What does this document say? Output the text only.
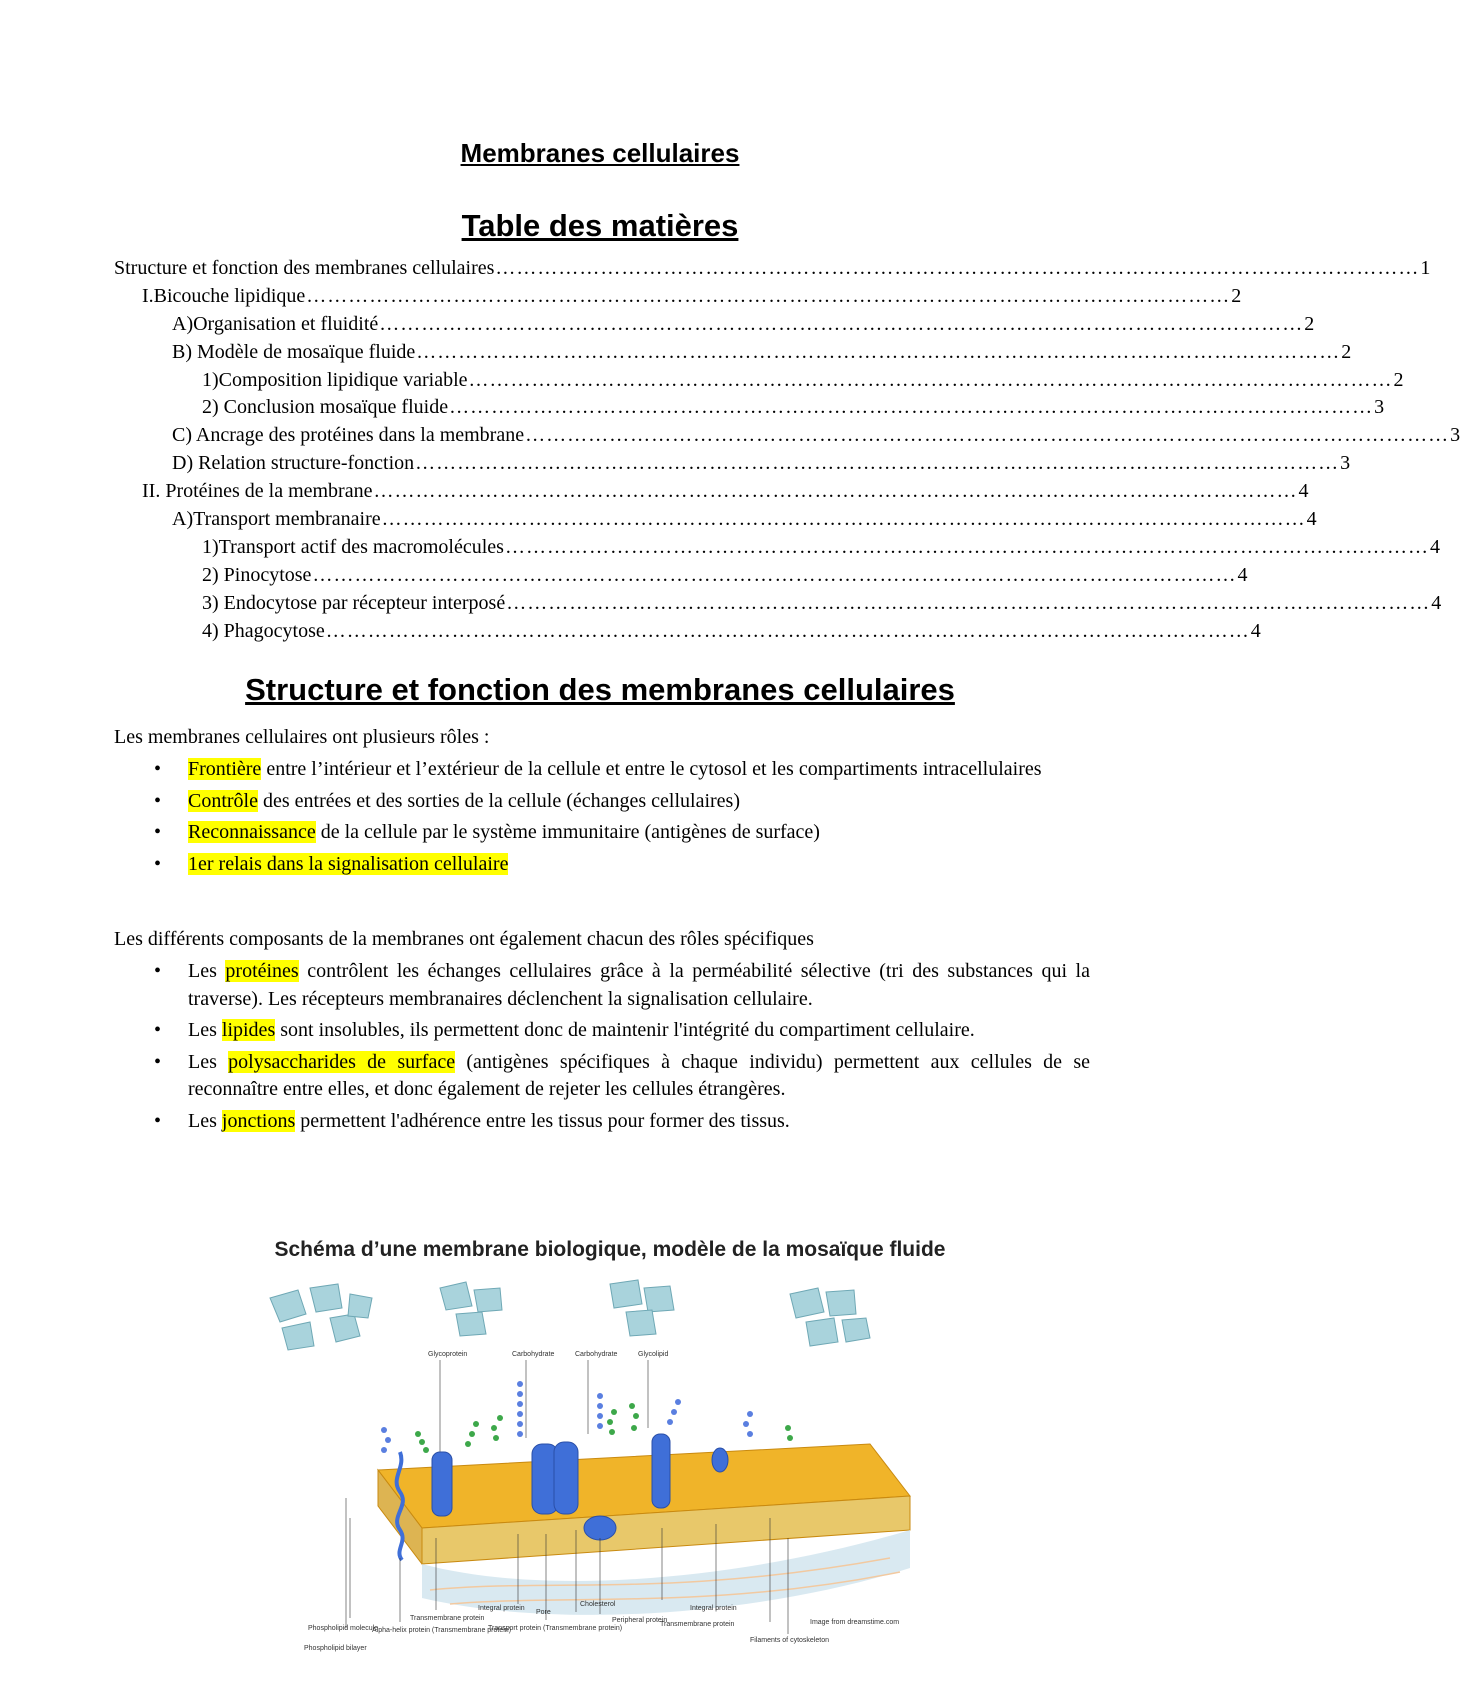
Membranes cellulaires
Table des matières
Structure et fonction des membranes cellulaires …………………………………………………………………………………………………………………… 1
I.Bicouche lipidique …………………………………………………………………………………………………………………… 2
A)Organisation et fluidité …………………………………………………………………………………………………………………… 2
B) Modèle de mosaïque fluide …………………………………………………………………………………………………………………… 2
1)Composition lipidique variable …………………………………………………………………………………………………………………… 2
2) Conclusion mosaïque fluide …………………………………………………………………………………………………………………… 3
C) Ancrage des protéines dans la membrane …………………………………………………………………………………………………………………… 3
D) Relation structure-fonction …………………………………………………………………………………………………………………… 3
II. Protéines de la membrane …………………………………………………………………………………………………………………… 4
A)Transport membranaire …………………………………………………………………………………………………………………… 4
1)Transport actif des macromolécules …………………………………………………………………………………………………………………… 4
2) Pinocytose …………………………………………………………………………………………………………………… 4
3) Endocytose par récepteur interposé …………………………………………………………………………………………………………………… 4
4) Phagocytose …………………………………………………………………………………………………………………… 4
Structure et fonction des membranes cellulaires
Les membranes cellulaires ont plusieurs rôles :
• Frontière entre l’intérieur et l’extérieur de la cellule et entre le cytosol et les compartiments intracellulaires
• Contrôle des entrées et des sorties de la cellule (échanges cellulaires)
• Reconnaissance de la cellule par le système immunitaire (antigènes de surface)
• 1er relais dans la signalisation cellulaire
Les différents composants de la membranes ont également chacun des rôles spécifiques
• Les protéines contrôlent les échanges cellulaires grâce à la perméabilité sélective (tri des substances qui la traverse). Les récepteurs membranaires déclenchent la signalisation cellulaire.
• Les lipides sont insolubles, ils permettent donc de maintenir l'intégrité du compartiment cellulaire.
• Les polysaccharides de surface (antigènes spécifiques à chaque individu) permettent aux cellules de se reconnaître entre elles, et donc également de rejeter les cellules étrangères.
• Les jonctions permettent l'adhérence entre les tissus pour former des tissus.
Schéma d’une membrane biologique, modèle de la mosaïque fluide
Glycoprotein	Carbohydrate	Carbohydrate	Glycolipid
Phospholipid molecule
Phospholipid bilayer
Alpha-helix protein (Transmembrane protein)
Transmembrane protein
Integral protein
Pore
Transport protein (Transmembrane protein)
Cholesterol
Peripheral protein
Integral protein
Transmembrane protein
Filaments of cytoskeleton
Image from dreamstime.com
